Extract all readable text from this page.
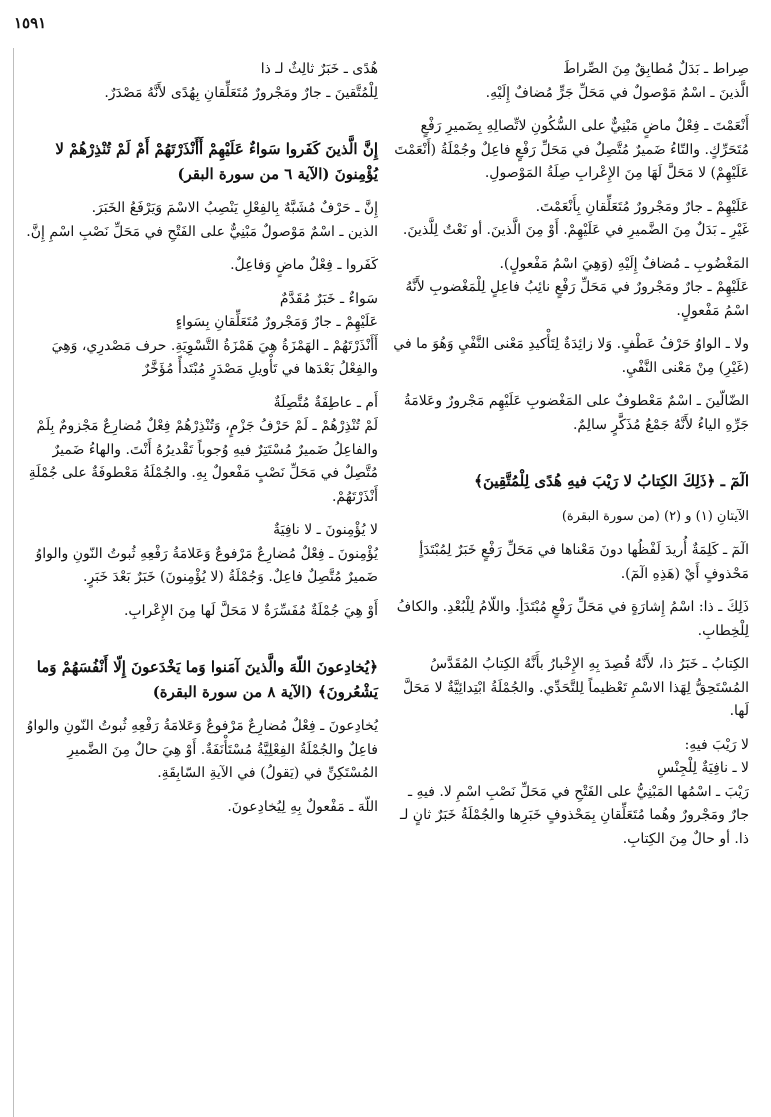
١٥٩١

صِراط ـ بَدَلٌ مُطابِقٌ مِنَ الصِّراطَ

الَّذينَ ـ اسْمٌ مَوْصولٌ في مَحَلِّ جَرٍّ مُضافٌ إِلَيْهِ.

أَنْعَمْتَ ـ فِعْلٌ ماضٍ مَبْنِيٌّ على السُّكُونِ لاتِّصالِهِ بِضَميرِ رَفْعٍ مُتَحَرِّكٍ. والتّاءُ ضَميرٌ مُتَّصِلٌ في مَحَلِّ رَفْعٍ فاعِلٌ وجُمْلَةُ (أَنْعَمْتَ عَلَيْهِمْ) لا مَحَلَّ لَهَا مِنَ الإِعْرابِ صِلَةُ المَوْصولِ.

عَلَيْهِمْ ـ جارٌ ومَجْرورٌ مُتَعَلِّقانِ بِأَنْعَمْتَ.

غَيْرِ ـ بَدَلٌ مِنَ الضَّميرِ في عَلَيْهِمْ. أَوْ مِنَ الَّذينَ. أو نَعْتٌ لِلَّذينَ.

المَغْضُوبِ ـ مُضافٌ إِلَيْهِ (وَهِيَ اسْمُ مَفْعولٍ).

عَلَيْهِمْ ـ جارٌ ومَجْرورٌ في مَحَلِّ رَفْعٍ نائِبُ فاعِلٍ لِلْمَغْضوبِ لأَنَّهُ اسْمُ مَفْعولٍ.

ولا ـ الواوُ حَرْفُ عَطْفٍ. وَلا زائِدَةٌ لِتَأْكيدِ مَعْنى النَّفْيِ وَهُوَ ما في (غَيْرِ) مِنْ مَعْنى النَّفْيِ.

الضّالّينَ ـ اسْمٌ مَعْطوفٌ على المَغْضوبِ عَلَيْهِم مَجْرورٌ وعَلامَةُ جَرِّهِ الياءُ لأَنَّهُ جَمْعُ مُذَكَّرٍ سالِمٌ.

الٓمٓ ـ ﴿ذَلِكَ الكِتابُ لا رَيْبَ فيهِ هُدًى لِلْمُتَّقِينَ﴾

الآيتانِ (١) و (٢) (من سورة البقرة)

الٓمٓ ـ كَلِمَةٌ أُريدَ لَفْظُها دونَ مَعْناها في مَحَلِّ رَفْعٍ خَبَرٌ لِمُبْتَدَأٍ مَحْذوفٍ أَيْ (هَذِهِ الٓمٓ).

ذَلِكَ ـ ذا: اسْمُ إِشارَةٍ في مَحَلِّ رَفْعٍ مُبْتَدَأٍ. واللّامُ لِلْبُعْدِ. والكافُ لِلْخِطابِ.

الكِتابُ ـ خَبَرُ ذا، لأَنَّهُ قُصِدَ بِهِ الإِخْبارُ بأَنَّهُ الكِتابُ المُقَدَّسُ المُسْتَحِقُّ لِهَذا الاسْمِ تَعْظيماً لِلتَّحَدِّي. والجُمْلَةُ ابْتِدائِيَّةٌ لا مَحَلَّ لَها.

لا رَيْبَ فيهِ:

لا ـ نافِيَةٌ لِلْجِنْسِ

رَيْبَ ـ اسْمُها المَبْنِيُّ على الفَتْحِ في مَحَلِّ نَصْبِ اسْمِ لا. فيهِ ـ جارٌ ومَجْرورٌ وهُما مُتَعَلِّقانِ بِمَحْذوفٍ خَبَرِها والجُمْلَةُ خَبَرٌ ثانٍ لـ ذا. أو حالٌ مِنَ الكِتابِ.

هُدًى ـ خَبَرٌ ثالِثٌ لـ ذا

لِلْمُتَّقينَ ـ جارٌ ومَجْرورٌ مُتَعَلِّقانِ بِهُدًى لأَنَّهُ مَصْدَرٌ.

إِنَّ الَّذينَ كَفَروا سَواءٌ عَلَيْهِمْ أَأَنْذَرْتَهُمْ أَمْ لَمْ تُنْذِرْهُمْ لا يُؤْمِنونَ (الآية ٦ من سورة البقر)

إِنَّ ـ حَرْفٌ مُشَبَّهٌ بِالفِعْلِ يَنْصِبُ الاسْمَ وَيَرْفَعُ الخَبَرَ.

الذين ـ اسْمٌ مَوْصولٌ مَبْنِيٌّ على الفَتْحِ في مَحَلِّ نَصْبِ اسْمِ إِنَّ.

كَفَروا ـ فِعْلٌ ماضٍ وَفاعِلٌ.

سَواءٌ ـ خَبَرٌ مُقَدَّمٌ

عَلَيْهِمْ ـ جارٌ وَمَجْرورٌ مُتَعَلِّقانِ بِسَواءٍ

أَأَنْذَرْتَهُمْ ـ الهَمْزَةُ هِيَ هَمْزَةُ التَّسْوِيَةِ. حرف مَصْدرِي، وَهِيَ والفِعْلُ بَعْدَها في تَأْويلِ مَصْدَرٍ مُبْتَدأً مُؤَخَّرٌ

أَم ـ عاطِفَةٌ مُتَّصِلَةٌ

لَمْ تُنْذِرْهُمْ ـ لَمْ حَرْفُ جَزْمٍ، وَتُنْذِرْهُمْ فِعْلٌ مُضارِعٌ مَجْزومٌ بِلَمْ والفاعِلُ ضَميرٌ مُسْتَتِرٌ فيهِ وُجوباً تَقْديرُهُ أَنْتَ. والهاءُ ضَميرٌ مُتَّصِلٌ في مَحَلِّ نَصْبٍ مَفْعولٌ بِهِ. والجُمْلَةُ مَعْطوفَةٌ على جُمْلَةِ أَنْذَرْتَهُمْ.

لا يُؤْمِنونَ ـ لا نافِيَةٌ

يُؤْمِنونَ ـ فِعْلٌ مُضارِعٌ مَرْفوعٌ وَعَلامَةُ رَفْعِهِ ثُبوتُ النّونِ والواوُ ضَميرٌ مُتَّصِلٌ فاعِلٌ. وَجُمْلَةُ (لا يُؤْمِنونَ) خَبَرٌ بَعْدَ خَبَرٍ.

أَوْ هِيَ جُمْلَةٌ مُفَسِّرَةٌ لا مَحَلَّ لَها مِنَ الإِعْرابِ.

﴿يُخادِعونَ اللّهَ والَّذينَ آمَنوا وَما يَخْدَعونَ إِلّا أَنْفُسَهُمْ وَما يَشْعُرونَ﴾ (الآية ٨ من سورة البقرة)

يُخادِعونَ ـ فِعْلٌ مُضارِعٌ مَرْفوعٌ وَعَلامَةُ رَفْعِهِ ثُبوتُ النّونِ والواوُ فاعِلٌ والجُمْلَةُ الفِعْلِيَّةُ مُسْتَأْنَفَةٌ. أَوْ هِيَ حالٌ مِنَ الضَّميرِ المُسْتَكِنِّ في (يَقولُ) في الآيةِ السّابِقَةِ.

اللّهَ ـ مَفْعولٌ بِهِ لِيُخادِعونَ.
